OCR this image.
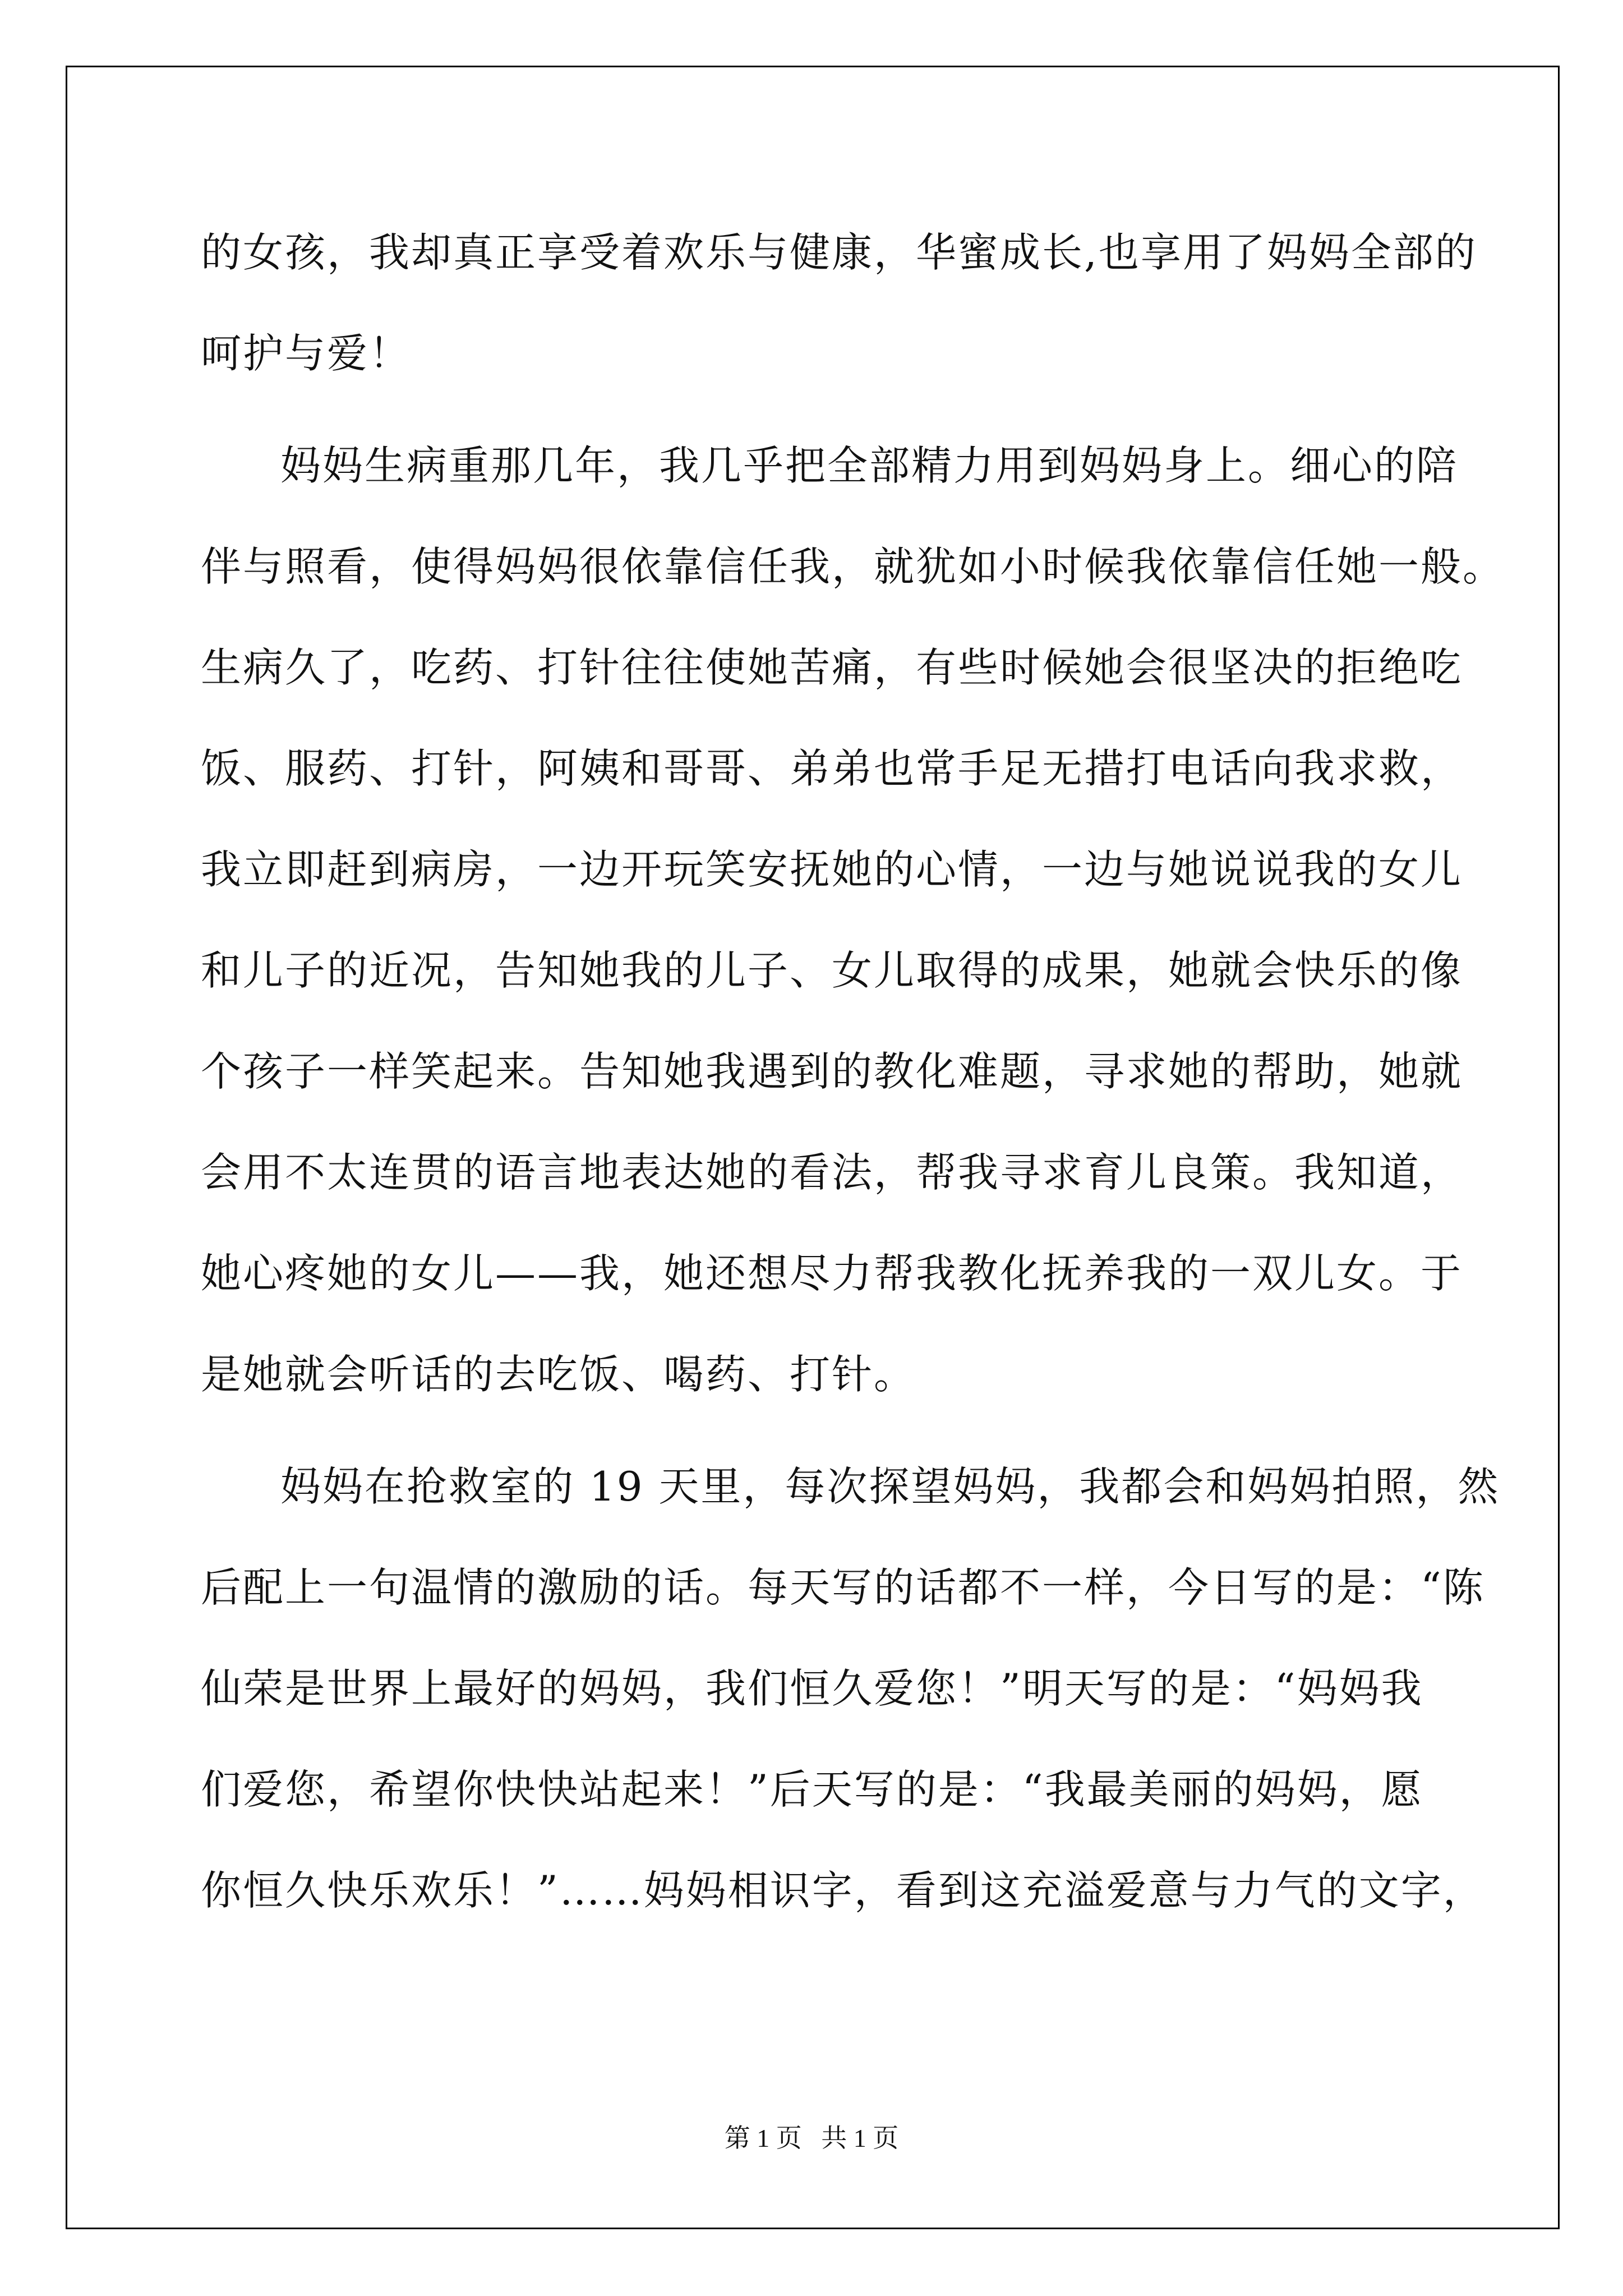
的女孩，我却真正享受着欢乐与健康，华蜜成长,也享用了妈妈全部的
呵护与爱！
妈妈生病重那几年，我几乎把全部精力用到妈妈身上。细心的陪
伴与照看，使得妈妈很依靠信任我，就犹如小时候我依靠信任她一般。
生病久了，吃药、打针往往使她苦痛，有些时候她会很坚决的拒绝吃
饭、服药、打针，阿姨和哥哥、弟弟也常手足无措打电话向我求救，
我立即赶到病房，一边开玩笑安抚她的心情，一边与她说说我的女儿
和儿子的近况，告知她我的儿子、女儿取得的成果，她就会快乐的像
个孩子一样笑起来。告知她我遇到的教化难题，寻求她的帮助，她就
会用不太连贯的语言地表达她的看法，帮我寻求育儿良策。我知道，
她心疼她的女儿——我，她还想尽力帮我教化抚养我的一双儿女。于
是她就会听话的去吃饭、喝药、打针。
妈妈在抢救室的 19 天里，每次探望妈妈，我都会和妈妈拍照，然
后配上一句温情的激励的话。每天写的话都不一样，今日写的是：“陈
仙荣是世界上最好的妈妈，我们恒久爱您！”明天写的是：“妈妈我
们爱您，希望你快快站起来！”后天写的是：“我最美丽的妈妈，愿
你恒久快乐欢乐！”……妈妈相识字，看到这充溢爱意与力气的文字，
第 1 页   共 1 页
